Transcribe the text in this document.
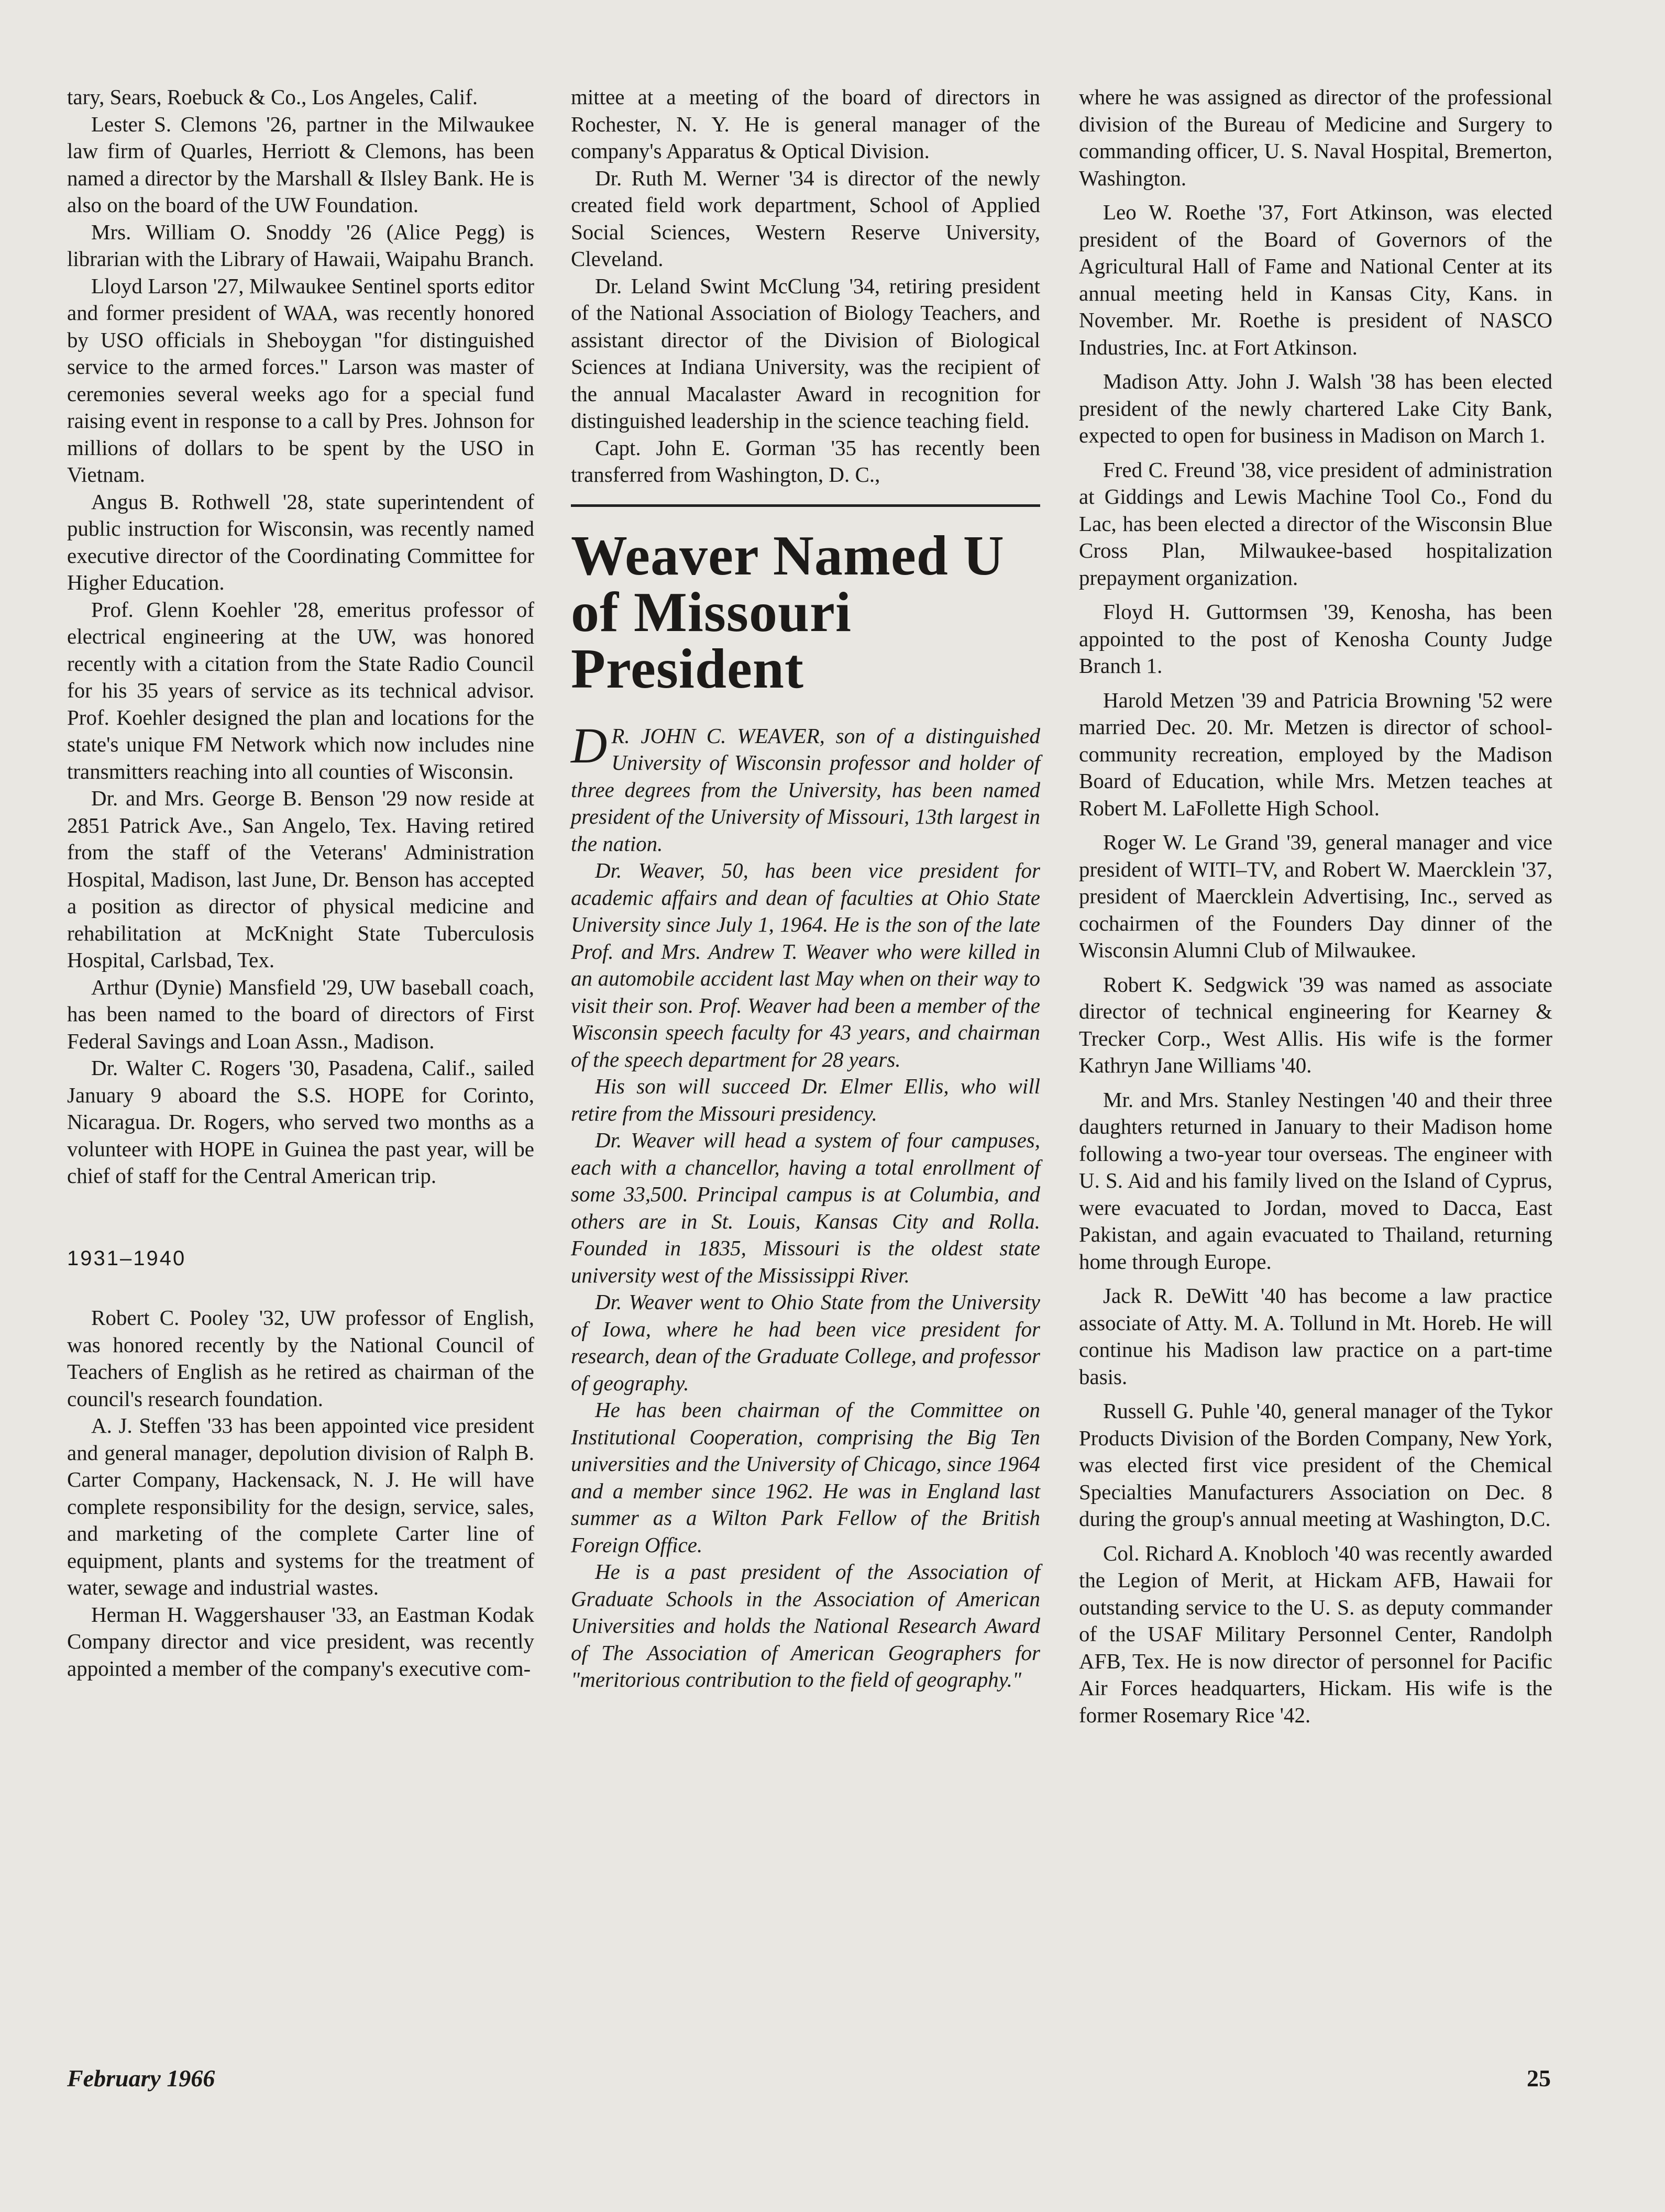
tary, Sears, Roebuck & Co., Los Angeles, Calif.

Lester S. Clemons '26, partner in the Milwaukee law firm of Quarles, Herriott & Clemons, has been named a director by the Marshall & Ilsley Bank. He is also on the board of the UW Foundation.

Mrs. William O. Snoddy '26 (Alice Pegg) is librarian with the Library of Hawaii, Waipahu Branch.

Lloyd Larson '27, Milwaukee Sentinel sports editor and former president of WAA, was recently honored by USO officials in Sheboygan "for distinguished service to the armed forces." Larson was master of ceremonies several weeks ago for a special fund raising event in response to a call by Pres. Johnson for millions of dollars to be spent by the USO in Vietnam.

Angus B. Rothwell '28, state superintendent of public instruction for Wisconsin, was recently named executive director of the Coordinating Committee for Higher Education.

Prof. Glenn Koehler '28, emeritus professor of electrical engineering at the UW, was honored recently with a citation from the State Radio Council for his 35 years of service as its technical advisor. Prof. Koehler designed the plan and locations for the state's unique FM Network which now includes nine transmitters reaching into all counties of Wisconsin.

Dr. and Mrs. George B. Benson '29 now reside at 2851 Patrick Ave., San Angelo, Tex. Having retired from the staff of the Veterans' Administration Hospital, Madison, last June, Dr. Benson has accepted a position as director of physical medicine and rehabilitation at McKnight State Tuberculosis Hospital, Carlsbad, Tex.

Arthur (Dynie) Mansfield '29, UW baseball coach, has been named to the board of directors of First Federal Savings and Loan Assn., Madison.

Dr. Walter C. Rogers '30, Pasadena, Calif., sailed January 9 aboard the S.S. HOPE for Corinto, Nicaragua. Dr. Rogers, who served two months as a volunteer with HOPE in Guinea the past year, will be chief of staff for the Central American trip.

1931–1940

Robert C. Pooley '32, UW professor of English, was honored recently by the National Council of Teachers of English as he retired as chairman of the council's research foundation.

A. J. Steffen '33 has been appointed vice president and general manager, depolution division of Ralph B. Carter Company, Hackensack, N. J. He will have complete responsibility for the design, service, sales, and marketing of the complete Carter line of equipment, plants and systems for the treatment of water, sewage and industrial wastes.

Herman H. Waggershauser '33, an Eastman Kodak Company director and vice president, was recently appointed a member of the company's executive com-

mittee at a meeting of the board of directors in Rochester, N. Y. He is general manager of the company's Apparatus & Optical Division.

Dr. Ruth M. Werner '34 is director of the newly created field work department, School of Applied Social Sciences, Western Reserve University, Cleveland.

Dr. Leland Swint McClung '34, retiring president of the National Association of Biology Teachers, and assistant director of the Division of Biological Sciences at Indiana University, was the recipient of the annual Macalaster Award in recognition for distinguished leadership in the science teaching field.

Capt. John E. Gorman '35 has recently been transferred from Washington, D. C.,

Weaver Named U of Missouri President

D R. JOHN C. WEAVER, son of a distinguished University of Wisconsin professor and holder of three degrees from the University, has been named president of the University of Missouri, 13th largest in the nation.

Dr. Weaver, 50, has been vice president for academic affairs and dean of faculties at Ohio State University since July 1, 1964. He is the son of the late Prof. and Mrs. Andrew T. Weaver who were killed in an automobile accident last May when on their way to visit their son. Prof. Weaver had been a member of the Wisconsin speech faculty for 43 years, and chairman of the speech department for 28 years.

His son will succeed Dr. Elmer Ellis, who will retire from the Missouri presidency.

Dr. Weaver will head a system of four campuses, each with a chancellor, having a total enrollment of some 33,500. Principal campus is at Columbia, and others are in St. Louis, Kansas City and Rolla. Founded in 1835, Missouri is the oldest state university west of the Mississippi River.

Dr. Weaver went to Ohio State from the University of Iowa, where he had been vice president for research, dean of the Graduate College, and professor of geography.

He has been chairman of the Committee on Institutional Cooperation, comprising the Big Ten universities and the University of Chicago, since 1964 and a member since 1962. He was in England last summer as a Wilton Park Fellow of the British Foreign Office.

He is a past president of the Association of Graduate Schools in the Association of American Universities and holds the National Research Award of The Association of American Geographers for "meritorious contribution to the field of geography."

where he was assigned as director of the professional division of the Bureau of Medicine and Surgery to commanding officer, U. S. Naval Hospital, Bremerton, Washington.

Leo W. Roethe '37, Fort Atkinson, was elected president of the Board of Governors of the Agricultural Hall of Fame and National Center at its annual meeting held in Kansas City, Kans. in November. Mr. Roethe is president of NASCO Industries, Inc. at Fort Atkinson.

Madison Atty. John J. Walsh '38 has been elected president of the newly chartered Lake City Bank, expected to open for business in Madison on March 1.

Fred C. Freund '38, vice president of administration at Giddings and Lewis Machine Tool Co., Fond du Lac, has been elected a director of the Wisconsin Blue Cross Plan, Milwaukee-based hospitalization prepayment organization.

Floyd H. Guttormsen '39, Kenosha, has been appointed to the post of Kenosha County Judge Branch 1.

Harold Metzen '39 and Patricia Browning '52 were married Dec. 20. Mr. Metzen is director of school-community recreation, employed by the Madison Board of Education, while Mrs. Metzen teaches at Robert M. LaFollette High School.

Roger W. Le Grand '39, general manager and vice president of WITI–TV, and Robert W. Maercklein '37, president of Maercklein Advertising, Inc., served as cochairmen of the Founders Day dinner of the Wisconsin Alumni Club of Milwaukee.

Robert K. Sedgwick '39 was named as associate director of technical engineering for Kearney & Trecker Corp., West Allis. His wife is the former Kathryn Jane Williams '40.

Mr. and Mrs. Stanley Nestingen '40 and their three daughters returned in January to their Madison home following a two-year tour overseas. The engineer with U. S. Aid and his family lived on the Island of Cyprus, were evacuated to Jordan, moved to Dacca, East Pakistan, and again evacuated to Thailand, returning home through Europe.

Jack R. DeWitt '40 has become a law practice associate of Atty. M. A. Tollund in Mt. Horeb. He will continue his Madison law practice on a part-time basis.

Russell G. Puhle '40, general manager of the Tykor Products Division of the Borden Company, New York, was elected first vice president of the Chemical Specialties Manufacturers Association on Dec. 8 during the group's annual meeting at Washington, D.C.

Col. Richard A. Knobloch '40 was recently awarded the Legion of Merit, at Hickam AFB, Hawaii for outstanding service to the U. S. as deputy commander of the USAF Military Personnel Center, Randolph AFB, Tex. He is now director of personnel for Pacific Air Forces headquarters, Hickam. His wife is the former Rosemary Rice '42.

February 1966	25
